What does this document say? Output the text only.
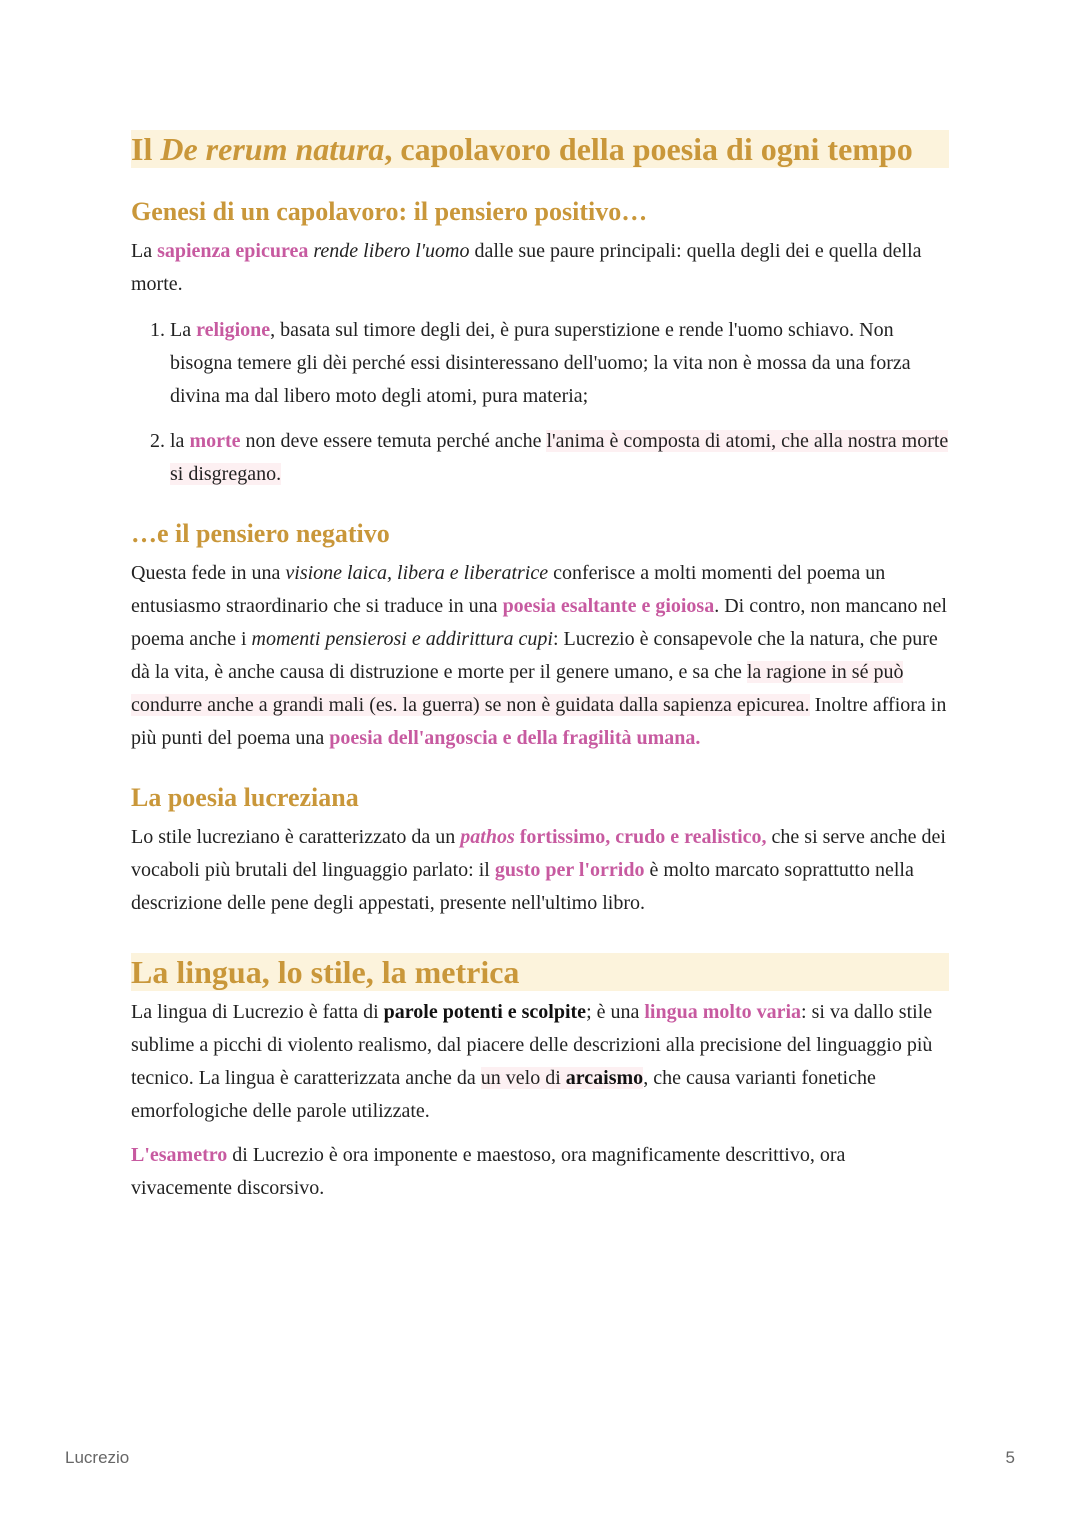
Il De rerum natura, capolavoro della poesia di ogni tempo
Genesi di un capolavoro: il pensiero positivo…

La sapienza epicurea rende libero l'uomo dalle sue paure principali: quella degli dei e quella della morte.

1. La religione, basata sul timore degli dei, è pura superstizione e rende l'uomo schiavo. Non bisogna temere gli dèi perché essi disinteressano dell'uomo; la vita non è mossa da una forza divina ma dal libero moto degli atomi, pura materia;
2. la morte non deve essere temuta perché anche l'anima è composta di atomi, che alla nostra morte si disgregano.
…e il pensiero negativo

Questa fede in una visione laica, libera e liberatrice conferisce a molti momenti del poema un entusiasmo straordinario che si traduce in una poesia esaltante e gioiosa. Di contro, non mancano nel poema anche i momenti pensierosi e addirittura cupi: Lucrezio è consapevole che la natura, che pure dà la vita, è anche causa di distruzione e morte per il genere umano, e sa che la ragione in sé può condurre anche a grandi mali (es. la guerra) se non è guidata dalla sapienza epicurea. Inoltre affiora in più punti del poema una poesia dell'angoscia e della fragilità umana.

La poesia lucreziana

Lo stile lucreziano è caratterizzato da un pathos fortissimo, crudo e realistico, che si serve anche dei vocaboli più brutali del linguaggio parlato: il gusto per l'orrido è molto marcato soprattutto nella descrizione delle pene degli appestati, presente nell'ultimo libro.

La lingua, lo stile, la metrica

La lingua di Lucrezio è fatta di parole potenti e scolpite; è una lingua molto varia: si va dallo stile sublime a picchi di violento realismo, dal piacere delle descrizioni alla precisione del linguaggio più tecnico. La lingua è caratterizzata anche da un velo di arcaismo, che causa varianti fonetiche emorfologiche delle parole utilizzate.

L'esametro di Lucrezio è ora imponente e maestoso, ora magnificamente descrittivo, ora vivacemente discorsivo.

Lucrezio	5
